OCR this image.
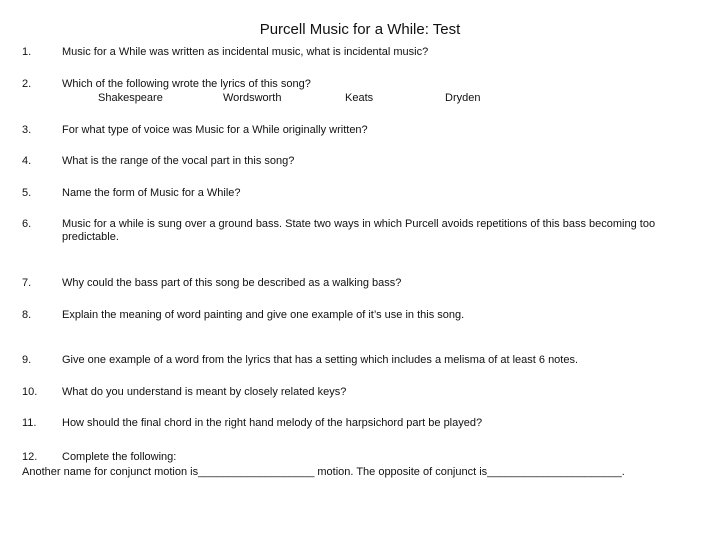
Purcell Music for a While: Test
1.	Music for a While was written as incidental music, what is incidental music?
2.	Which of the following wrote the lyrics of this song?
Shakespeare	Wordsworth	Keats	Dryden
3.	For what type of voice was Music for a While originally written?
4.	What is the range of the vocal part in this song?
5.	Name the form of Music for a While?
6.	Music for a while is sung over a ground bass. State two ways in which Purcell avoids repetitions of this bass becoming too predictable.
7.	Why could the bass part of this song be described as a walking bass?
8.	Explain the meaning of word painting and give one example of it’s use in this song.
9.	Give one example of a word from the lyrics that has a setting which includes a melisma of at least 6 notes.
10. What do you understand is meant by closely related keys?
11. How should the final chord in the right hand melody of the harpsichord part be played?
12. Complete the following:
Another name for conjunct motion is___________________ motion. The opposite of conjunct is______________________.
